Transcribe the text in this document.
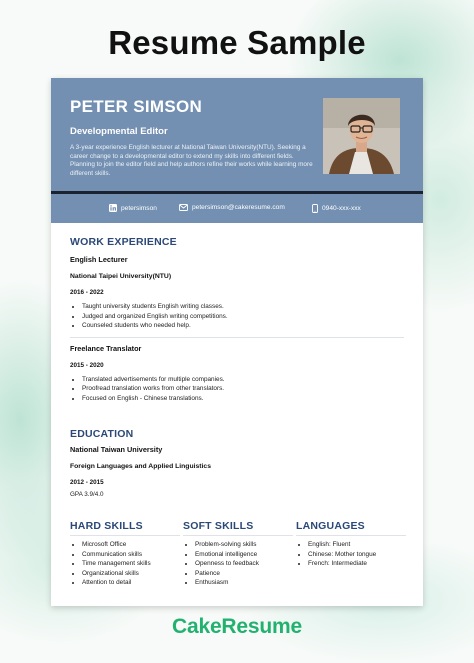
Resume Sample
PETER SIMSON
Developmental Editor
A 3-year experience English lecturer at National Taiwan University(NTU). Seeking a career change to a developmental editor to extend my skills into different fields. Planning to join the editor field and help authors refine their works while learning more different skills.
petersimson	petersimson@cakeresume.com	0940-xxx-xxx
WORK EXPERIENCE
English Lecturer
National Taipei University(NTU)
2016 - 2022
• Taught university students English writing classes.
• Judged and organized English writing competitions.
• Counseled students who needed help.
Freelance Translator
2015 - 2020
• Translated advertisements for multiple companies.
• Proofread translation works from other translators.
• Focused on English - Chinese translations.
EDUCATION
National Taiwan University
Foreign Languages and Applied Linguistics
2012 - 2015
GPA 3.9/4.0
HARD SKILLS
• Microsoft Office
• Communication skills
• Time management skills
• Organizational skills
• Attention to detail
SOFT SKILLS
• Problem-solving skills
• Emotional intelligence
• Openness to feedback
• Patience
• Enthusiasm
LANGUAGES
• English: Fluent
• Chinese: Mother tongue
• French: Intermediate
CakeResume
